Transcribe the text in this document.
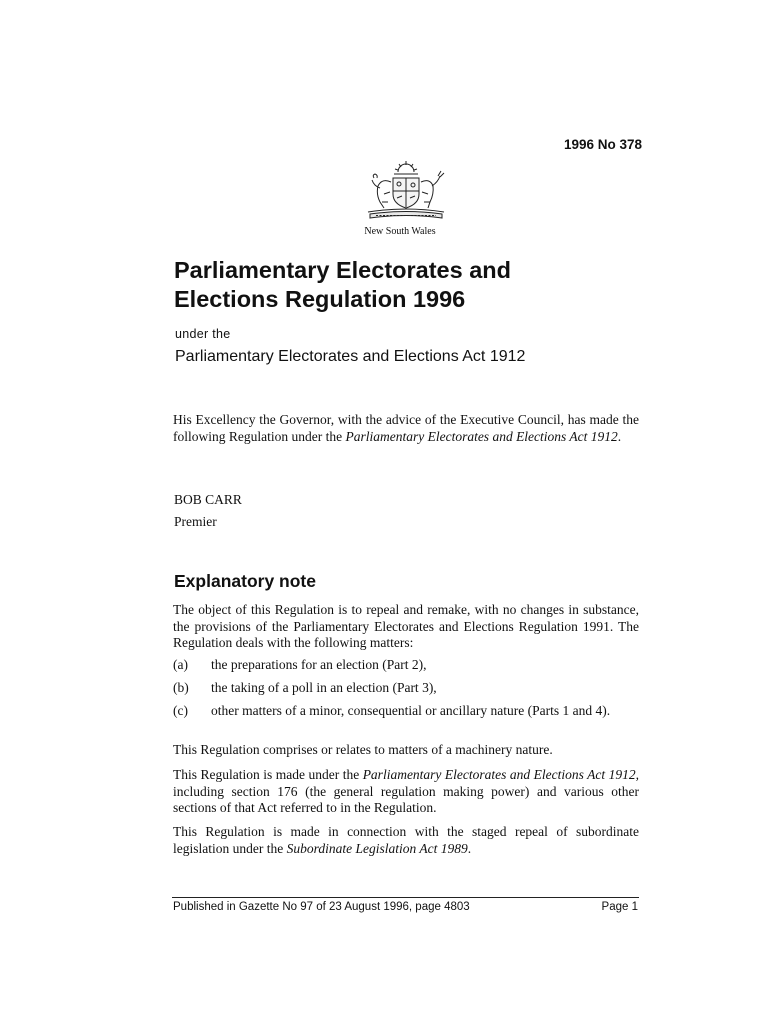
1996 No 378
New South Wales
Parliamentary Electorates and
Elections Regulation 1996
under the
Parliamentary Electorates and Elections Act 1912
His Excellency the Governor, with the advice of the Executive Council, has made the following Regulation under the Parliamentary Electorates and Elections Act 1912.
BOB CARR
Premier
Explanatory note
The object of this Regulation is to repeal and remake, with no changes in substance, the provisions of the Parliamentary Electorates and Elections Regulation 1991. The Regulation deals with the following matters:
(a) the preparations for an election (Part 2),
(b) the taking of a poll in an election (Part 3),
(c) other matters of a minor, consequential or ancillary nature (Parts 1 and 4).
This Regulation comprises or relates to matters of a machinery nature.
This Regulation is made under the Parliamentary Electorates and Elections Act 1912, including section 176 (the general regulation making power) and various other sections of that Act referred to in the Regulation.
This Regulation is made in connection with the staged repeal of subordinate legislation under the Subordinate Legislation Act 1989.
Published in Gazette No 97 of 23 August 1996, page 4803	Page 1
